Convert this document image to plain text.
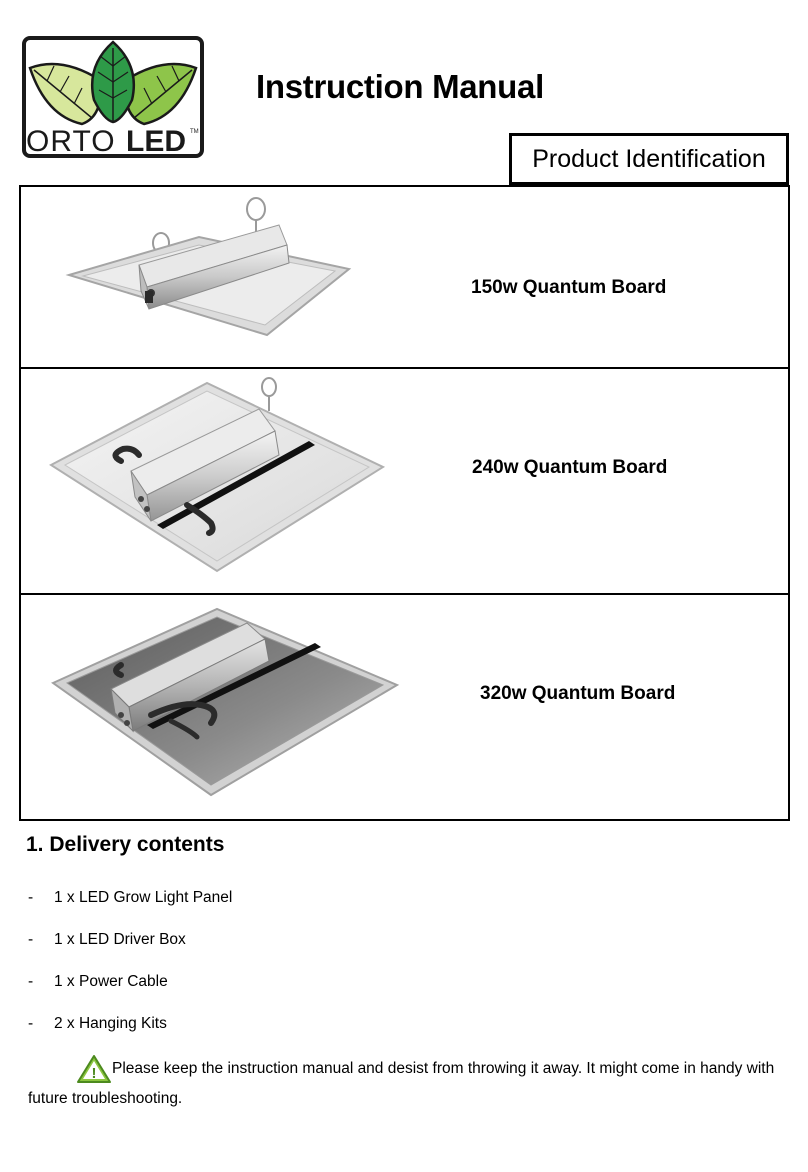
ORTO LED TM
Instruction Manual
Product Identification
150w Quantum Board
240w Quantum Board
320w Quantum Board
1. Delivery contents
- 1 x LED Grow Light Panel
- 1 x LED Driver Box
- 1 x Power Cable
- 2 x Hanging Kits
! Please keep the instruction manual and desist from throwing it away. It might come in handy with future troubleshooting.
